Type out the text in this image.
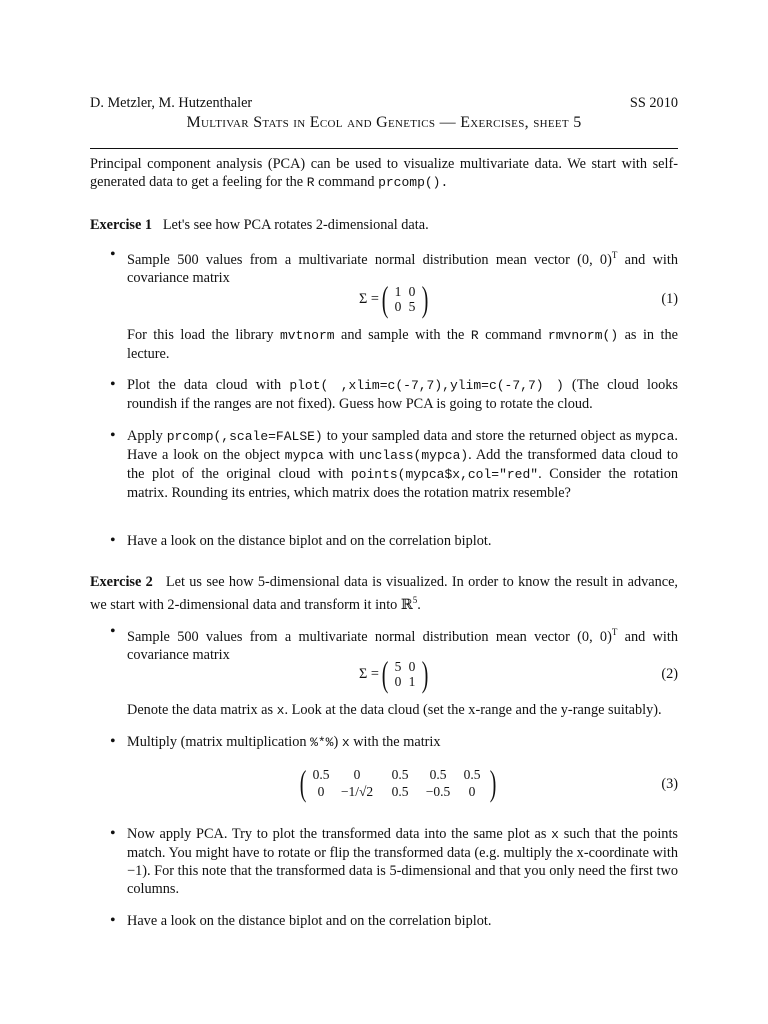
D. Metzler, M. Hutzenthaler	SS 2010
Multivar Stats in Ecol and Genetics — Exercises, sheet 5
Principal component analysis (PCA) can be used to visualize multivariate data. We start with self-generated data to get a feeling for the R command prcomp().
Exercise 1 Let's see how PCA rotates 2-dimensional data.
• Sample 500 values from a multivariate normal distribution mean vector (0, 0)$^T$ and with covariance matrix
Σ = ( 1 0
0 5 )	(1)
For this load the library mvtnorm and sample with the R command rmvnorm() as in the lecture.
• Plot the data cloud with plot( ,xlim=c(-7,7),ylim=c(-7,7) ) (The cloud looks roundish if the ranges are not fixed). Guess how PCA is going to rotate the cloud.
• Apply prcomp(,scale=FALSE) to your sampled data and store the returned object as mypca. Have a look on the object mypca with unclass(mypca). Add the transformed data cloud to the plot of the original cloud with points(mypca$x,col="red". Consider the rotation matrix. Rounding its entries, which matrix does the rotation matrix resemble?
• Have a look on the distance biplot and on the correlation biplot.
Exercise 2 Let us see how 5-dimensional data is visualized. In order to know the result in advance, we start with 2-dimensional data and transform it into ℝ$^5$.
• Sample 500 values from a multivariate normal distribution mean vector (0, 0)$^T$ and with covariance matrix
Σ = ( 5 0
0 1 )	(2)
Denote the data matrix as x. Look at the data cloud (set the x-range and the y-range suitably).
• Multiply (matrix multiplication %*%) x with the matrix
( 0.5	0	0.5	0.5	0.5
0	−1/√2	0.5	−0.5	0 )	(3)
• Now apply PCA. Try to plot the transformed data into the same plot as x such that the points match. You might have to rotate or flip the transformed data (e.g. multiply the x-coordinate with −1). For this note that the transformed data is 5-dimensional and that you only need the first two columns.
• Have a look on the distance biplot and on the correlation biplot.
